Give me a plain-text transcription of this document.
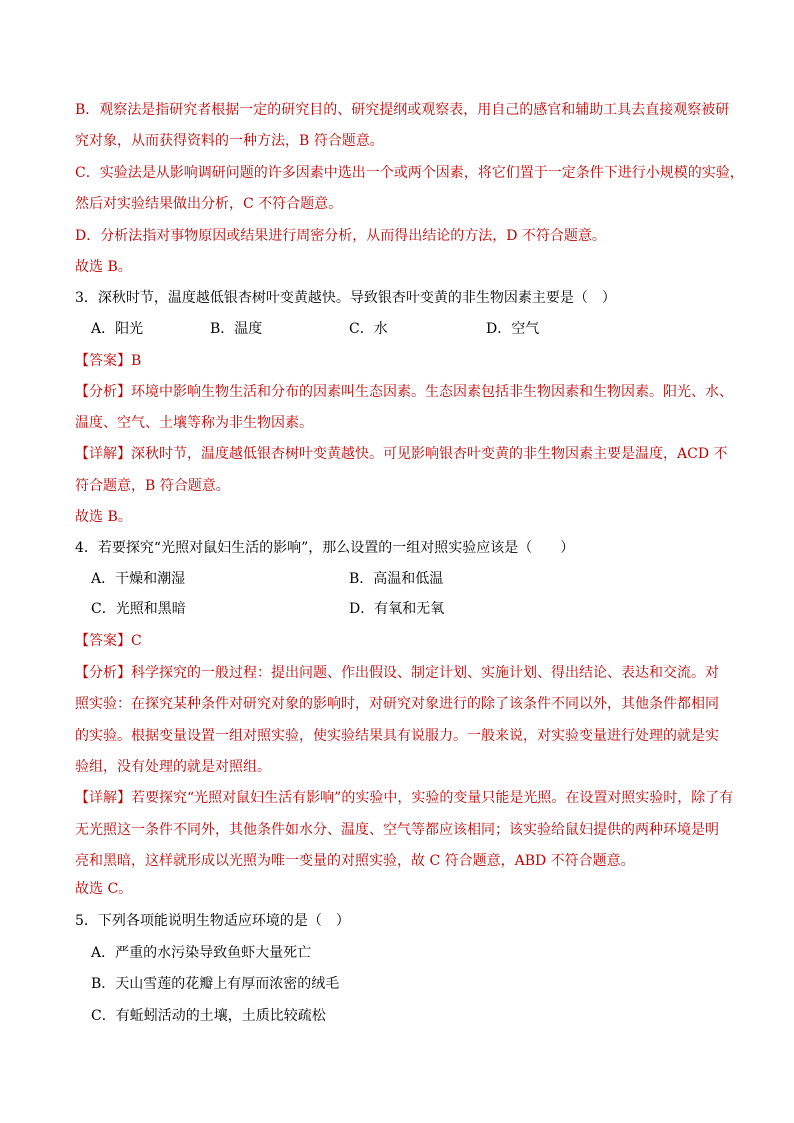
B．观察法是指研究者根据一定的研究目的、研究提纲或观察表，用自己的感官和辅助工具去直接观察被研
究对象，从而获得资料的一种方法，B 符合题意。
C．实验法是从影响调研问题的许多因素中选出一个或两个因素，将它们置于一定条件下进行小规模的实验，
然后对实验结果做出分析，C 不符合题意。
D．分析法指对事物原因或结果进行周密分析，从而得出结论的方法，D 不符合题意。
故选 B。
3．深秋时节，温度越低银杏树叶变黄越快。导致银杏叶变黄的非生物因素主要是（　）
A．阳光	B．温度	C．水	D．空气
【答案】B
【分析】环境中影响生物生活和分布的因素叫生态因素。生态因素包括非生物因素和生物因素。阳光、水、
温度、空气、土壤等称为非生物因素。
【详解】深秋时节，温度越低银杏树叶变黄越快。可见影响银杏叶变黄的非生物因素主要是温度，ACD 不
符合题意，B 符合题意。
故选 B。
4．若要探究“光照对鼠妇生活的影响”，那么设置的一组对照实验应该是（　　）
A．干燥和潮湿	B．高温和低温
C．光照和黑暗	D．有氧和无氧
【答案】C
【分析】科学探究的一般过程：提出问题、作出假设、制定计划、实施计划、得出结论、表达和交流。对
照实验：在探究某种条件对研究对象的影响时，对研究对象进行的除了该条件不同以外，其他条件都相同
的实验。根据变量设置一组对照实验，使实验结果具有说服力。一般来说，对实验变量进行处理的就是实
验组，没有处理的就是对照组。
【详解】若要探究“光照对鼠妇生活有影响”的实验中，实验的变量只能是光照。在设置对照实验时，除了有
无光照这一条件不同外，其他条件如水分、温度、空气等都应该相同；该实验给鼠妇提供的两种环境是明
亮和黑暗，这样就形成以光照为唯一变量的对照实验，故 C 符合题意，ABD 不符合题意。
故选 C。
5．下列各项能说明生物适应环境的是（　）
A．严重的水污染导致鱼虾大量死亡
B．天山雪莲的花瓣上有厚而浓密的绒毛
C．有蚯蚓活动的土壤，土质比较疏松
